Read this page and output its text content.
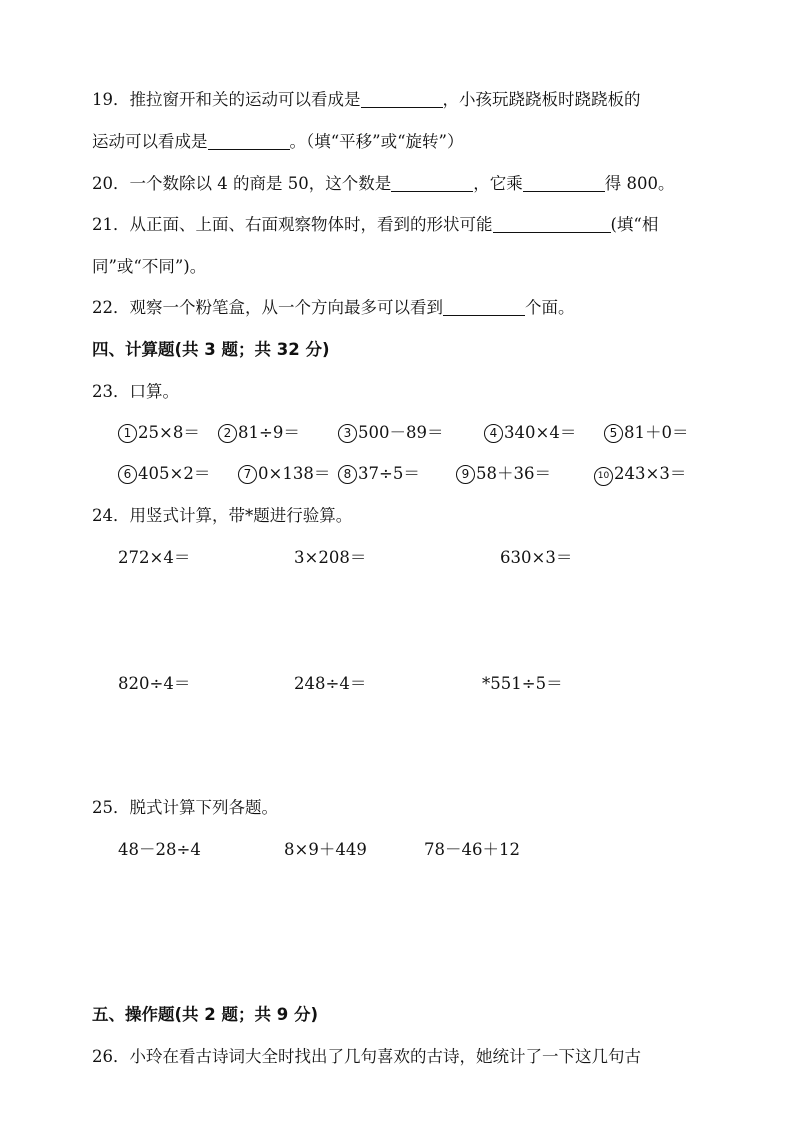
19．推拉窗开和关的运动可以看成是	，小孩玩跷跷板时跷跷板的
运动可以看成是	。（填“平移”或“旋转”）
20．一个数除以 4 的商是 50，这个数是	，它乘	得 800。
21．从正面、上面、右面观察物体时，看到的形状可能	(填“相
同”或“不同”)。
22．观察一个粉笔盒，从一个方向最多可以看到	个面。
四、计算题(共 3 题；共 32 分)
23．口算。
1 25×8＝	2 81÷9＝	3 500－89＝	4 340×4＝	5 81＋0＝
6 405×2＝	7 0×138＝	8 37÷5＝	9 58＋36＝	10 243×3＝
24．用竖式计算，带*题进行验算。
272×4＝	3×208＝	630×3＝
820÷4＝	248÷4＝	*551÷5＝
25．脱式计算下列各题。
48－28÷4	8×9＋449	78－46＋12
五、操作题(共 2 题；共 9 分)
26．小玲在看古诗词大全时找出了几句喜欢的古诗，她统计了一下这几句古
